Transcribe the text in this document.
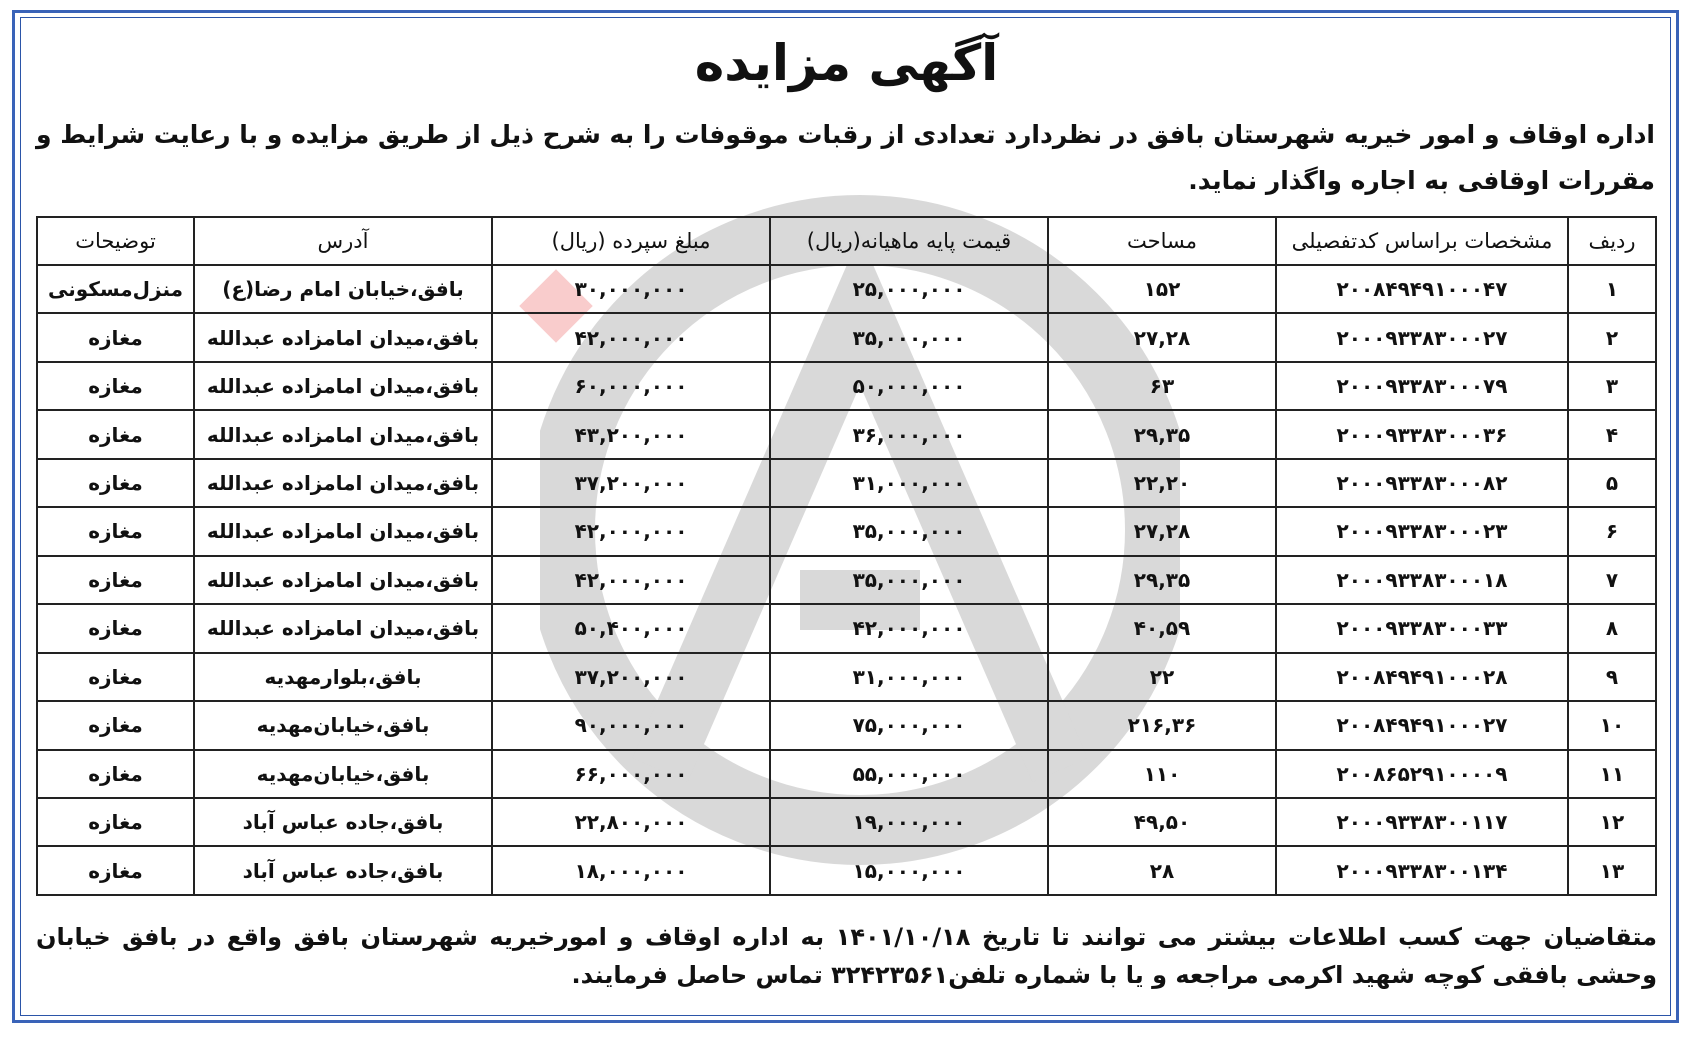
آگهی مزایده
اداره اوقاف و امور خیریه شهرستان بافق در نظردارد تعدادی از رقبات موقوفات را به شرح ذیل از طریق مزایده و با رعایت شرایط و مقررات اوقافی به اجاره واگذار نماید.
ردیف	مشخصات براساس کدتفصیلی	مساحت	قیمت پایه ماهیانه(ریال)	مبلغ سپرده (ریال)	آدرس	توضیحات
۱	۲۰۰۸۴۹۴۹۱۰۰۰۴۷	۱۵۲	۲۵,۰۰۰,۰۰۰	۳۰,۰۰۰,۰۰۰	بافق،خیابان امام رضا(ع)	منزل‌مسکونی
۲	۲۰۰۰۹۳۳۸۳۰۰۰۲۷	۲۷,۲۸	۳۵,۰۰۰,۰۰۰	۴۲,۰۰۰,۰۰۰	بافق،میدان امامزاده عبدالله	مغازه
۳	۲۰۰۰۹۳۳۸۳۰۰۰۷۹	۶۳	۵۰,۰۰۰,۰۰۰	۶۰,۰۰۰,۰۰۰	بافق،میدان امامزاده عبدالله	مغازه
۴	۲۰۰۰۹۳۳۸۳۰۰۰۳۶	۲۹,۳۵	۳۶,۰۰۰,۰۰۰	۴۳,۲۰۰,۰۰۰	بافق،میدان امامزاده عبدالله	مغازه
۵	۲۰۰۰۹۳۳۸۳۰۰۰۸۲	۲۲,۲۰	۳۱,۰۰۰,۰۰۰	۳۷,۲۰۰,۰۰۰	بافق،میدان امامزاده عبدالله	مغازه
۶	۲۰۰۰۹۳۳۸۳۰۰۰۲۳	۲۷,۲۸	۳۵,۰۰۰,۰۰۰	۴۲,۰۰۰,۰۰۰	بافق،میدان امامزاده عبدالله	مغازه
۷	۲۰۰۰۹۳۳۸۳۰۰۰۱۸	۲۹,۳۵	۳۵,۰۰۰,۰۰۰	۴۲,۰۰۰,۰۰۰	بافق،میدان امامزاده عبدالله	مغازه
۸	۲۰۰۰۹۳۳۸۳۰۰۰۳۳	۴۰,۵۹	۴۲,۰۰۰,۰۰۰	۵۰,۴۰۰,۰۰۰	بافق،میدان امامزاده عبدالله	مغازه
۹	۲۰۰۸۴۹۴۹۱۰۰۰۲۸	۲۲	۳۱,۰۰۰,۰۰۰	۳۷,۲۰۰,۰۰۰	بافق،بلوارمهدیه	مغازه
۱۰	۲۰۰۸۴۹۴۹۱۰۰۰۲۷	۲۱۶,۳۶	۷۵,۰۰۰,۰۰۰	۹۰,۰۰۰,۰۰۰	بافق،خیابان‌مهدیه	مغازه
۱۱	۲۰۰۸۶۵۲۹۱۰۰۰۰۹	۱۱۰	۵۵,۰۰۰,۰۰۰	۶۶,۰۰۰,۰۰۰	بافق،خیابان‌مهدیه	مغازه
۱۲	۲۰۰۰۹۳۳۸۳۰۰۱۱۷	۴۹,۵۰	۱۹,۰۰۰,۰۰۰	۲۲,۸۰۰,۰۰۰	بافق،جاده عباس آباد	مغازه
۱۳	۲۰۰۰۹۳۳۸۳۰۰۱۳۴	۲۸	۱۵,۰۰۰,۰۰۰	۱۸,۰۰۰,۰۰۰	بافق،جاده عباس آباد	مغازه
متقاضیان جهت کسب اطلاعات بیشتر می توانند تا تاریخ ۱۴۰۱/۱۰/۱۸ به اداره اوقاف و امورخیریه شهرستان بافق واقع در بافق خیابان وحشی بافقی کوچه شهید اکرمی مراجعه و یا با شماره تلفن۳۲۴۲۳۵۶۱ تماس حاصل فرمایند.
